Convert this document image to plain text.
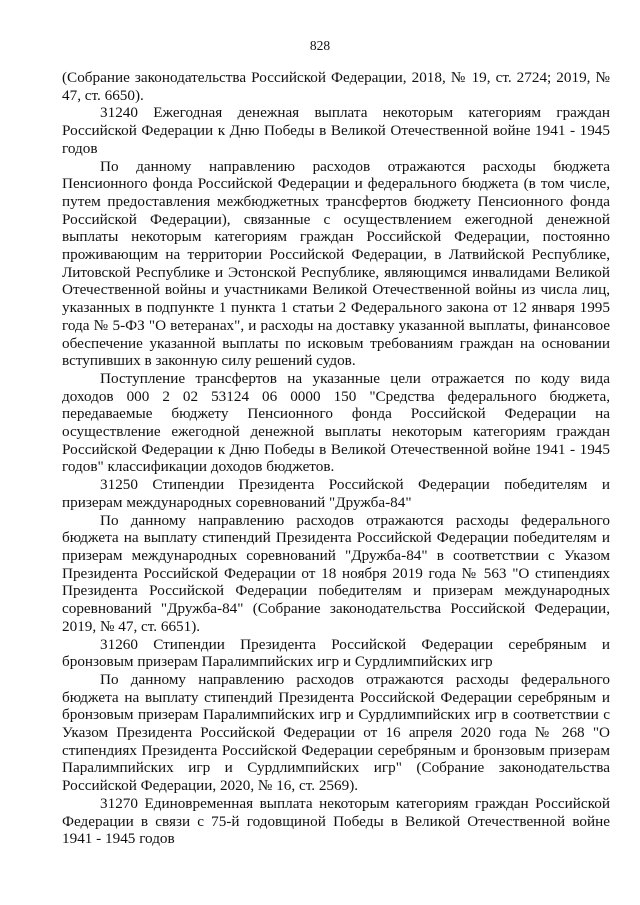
828

(Собрание законодательства Российской Федерации, 2018, № 19, ст. 2724; 2019, № 47, ст. 6650).

31240 Ежегодная денежная выплата некоторым категориям граждан Российской Федерации к Дню Победы в Великой Отечественной войне 1941 - 1945 годов

По данному направлению расходов отражаются расходы бюджета Пенсионного фонда Российской Федерации и федерального бюджета (в том числе, путем предоставления межбюджетных трансфертов бюджету Пенсионного фонда Российской Федерации), связанные с осуществлением ежегодной денежной выплаты некоторым категориям граждан Российской Федерации, постоянно проживающим на территории Российской Федерации, в Латвийской Республике, Литовской Республике и Эстонской Республике, являющимся инвалидами Великой Отечественной войны и участниками Великой Отечественной войны из числа лиц, указанных в подпункте 1 пункта 1 статьи 2 Федерального закона от 12 января 1995 года № 5-ФЗ "О ветеранах", и расходы на доставку указанной выплаты, финансовое обеспечение указанной выплаты по исковым требованиям граждан на основании вступивших в законную силу решений судов.

Поступление трансфертов на указанные цели отражается по коду вида доходов 000 2 02 53124 06 0000 150 "Средства федерального бюджета, передаваемые бюджету Пенсионного фонда Российской Федерации на осуществление ежегодной денежной выплаты некоторым категориям граждан Российской Федерации к Дню Победы в Великой Отечественной войне 1941 - 1945 годов" классификации доходов бюджетов.

31250 Стипендии Президента Российской Федерации победителям и призерам международных соревнований "Дружба-84"

По данному направлению расходов отражаются расходы федерального бюджета на выплату стипендий Президента Российской Федерации победителям и призерам международных соревнований "Дружба-84" в соответствии с Указом Президента Российской Федерации от 18 ноября 2019 года № 563 "О стипендиях Президента Российской Федерации победителям и призерам международных соревнований "Дружба-84" (Собрание законодательства Российской Федерации, 2019, № 47, ст. 6651).

31260 Стипендии Президента Российской Федерации серебряным и бронзовым призерам Паралимпийских игр и Сурдлимпийских игр

По данному направлению расходов отражаются расходы федерального бюджета на выплату стипендий Президента Российской Федерации серебряным и бронзовым призерам Паралимпийских игр и Сурдлимпийских игр в соответствии с Указом Президента Российской Федерации от 16 апреля 2020 года № 268 "О стипендиях Президента Российской Федерации серебряным и бронзовым призерам Паралимпийских игр и Сурдлимпийских игр" (Собрание законодательства Российской Федерации, 2020, № 16, ст. 2569).

31270 Единовременная выплата некоторым категориям граждан Российской Федерации в связи с 75-й годовщиной Победы в Великой Отечественной войне 1941 - 1945 годов
